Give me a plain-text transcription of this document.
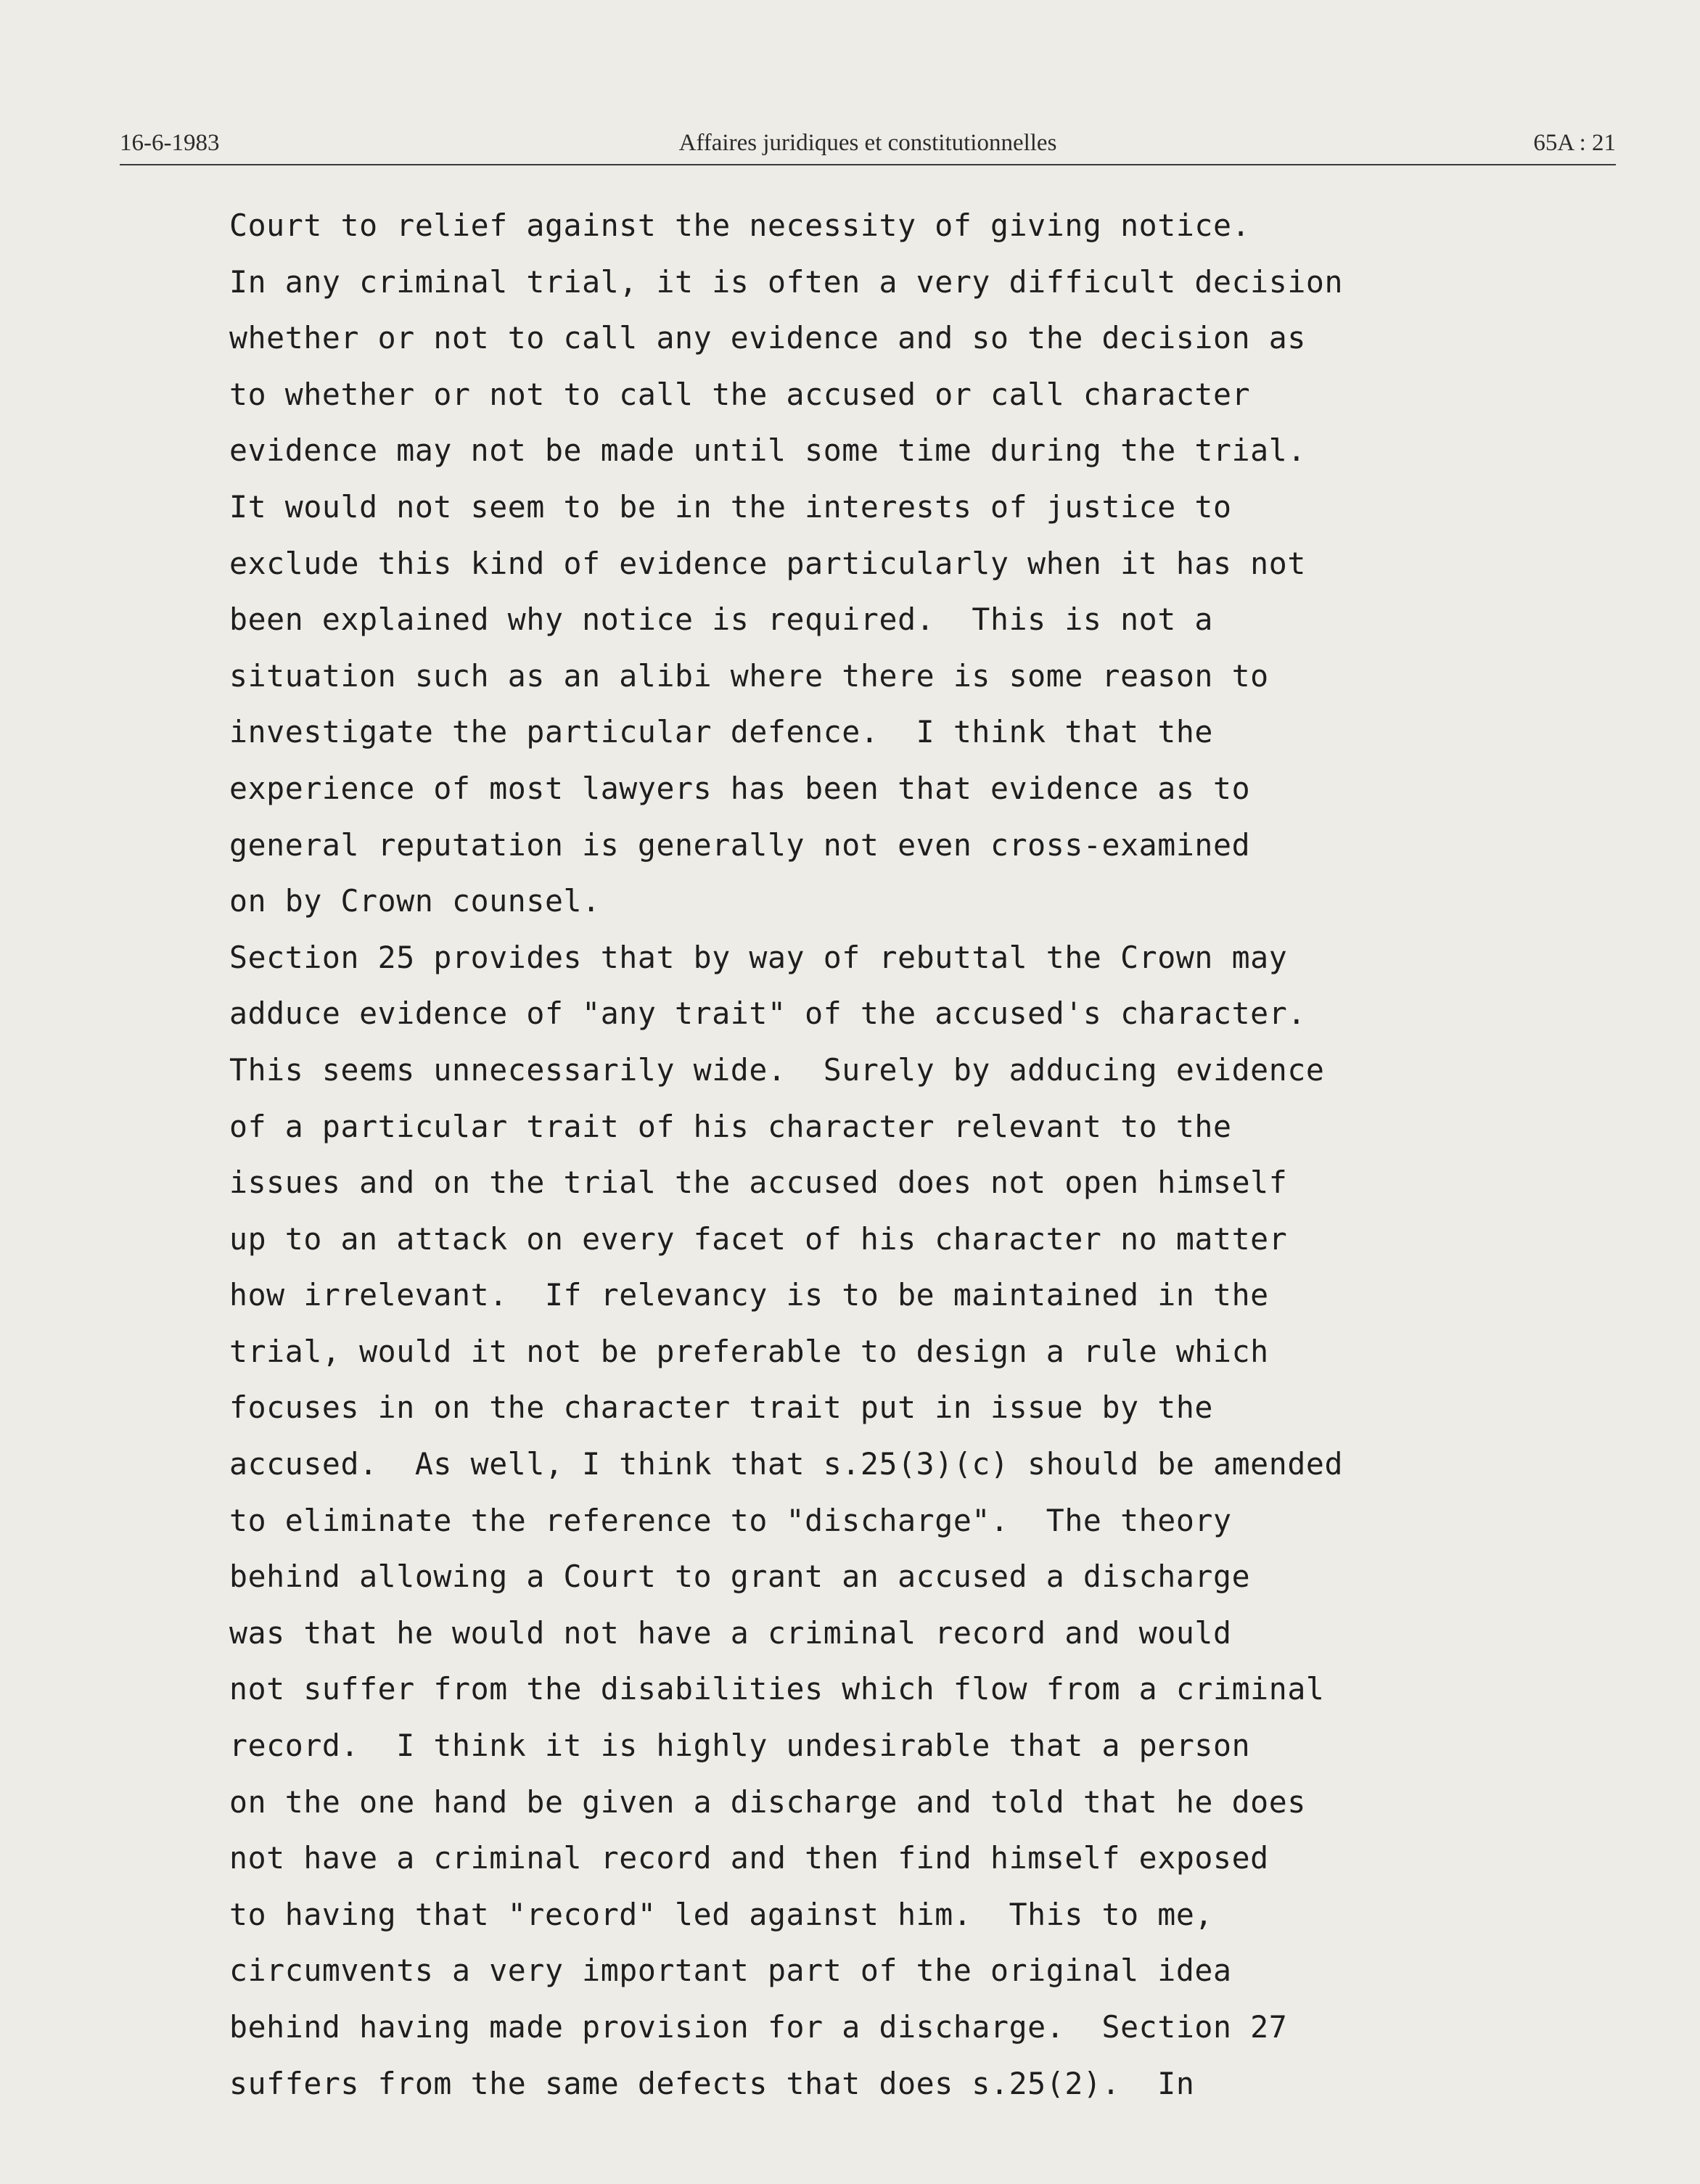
16-6-1983	Affaires juridiques et constitutionnelles	65A : 21
Court to relief against the necessity of giving notice.
In any criminal trial, it is often a very difficult decision
whether or not to call any evidence and so the decision as
to whether or not to call the accused or call character
evidence may not be made until some time during the trial.
It would not seem to be in the interests of justice to
exclude this kind of evidence particularly when it has not
been explained why notice is required.  This is not a
situation such as an alibi where there is some reason to
investigate the particular defence.  I think that the
experience of most lawyers has been that evidence as to
general reputation is generally not even cross-examined
on by Crown counsel.
Section 25 provides that by way of rebuttal the Crown may
adduce evidence of "any trait" of the accused's character.
This seems unnecessarily wide.  Surely by adducing evidence
of a particular trait of his character relevant to the
issues and on the trial the accused does not open himself
up to an attack on every facet of his character no matter
how irrelevant.  If relevancy is to be maintained in the
trial, would it not be preferable to design a rule which
focuses in on the character trait put in issue by the
accused.  As well, I think that s.25(3)(c) should be amended
to eliminate the reference to "discharge".  The theory
behind allowing a Court to grant an accused a discharge
was that he would not have a criminal record and would
not suffer from the disabilities which flow from a criminal
record.  I think it is highly undesirable that a person
on the one hand be given a discharge and told that he does
not have a criminal record and then find himself exposed
to having that "record" led against him.  This to me,
circumvents a very important part of the original idea
behind having made provision for a discharge.  Section 27
suffers from the same defects that does s.25(2).  In
